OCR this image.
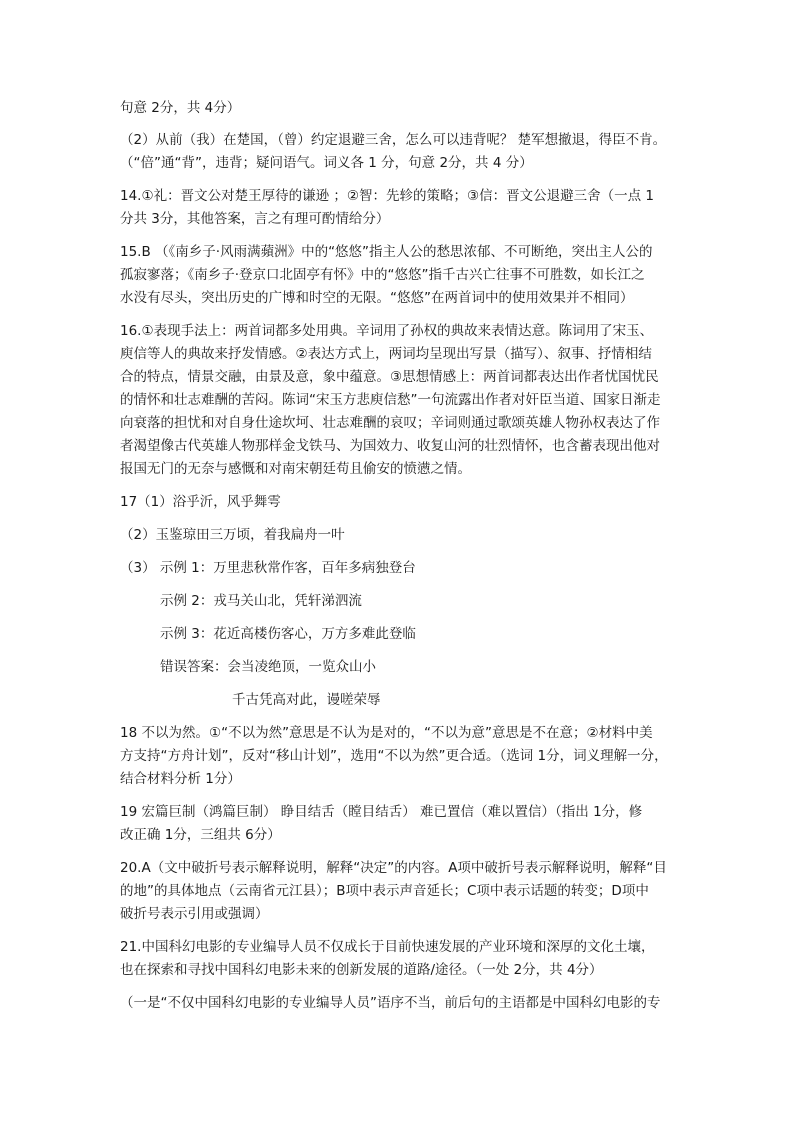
句意 2分，共 4分）
（2）从前（我）在楚国，（曾）约定退避三舍，怎么可以违背呢？ 楚军想撤退，得臣不肯。
（“倍”通“背”，违背；疑问语气。词义各 1 分，句意 2分，共 4 分）
14.①礼：晋文公对楚王厚待的谦逊 ；②智：先轸的策略；③信：晋文公退避三舍（一点 1
分共 3分，其他答案，言之有理可酌情给分）
15.B （《南乡子·风雨满蘋洲》中的“悠悠”指主人公的愁思浓郁、不可断绝，突出主人公的
孤寂寥落；《南乡子·登京口北固亭有怀》中的“悠悠”指千古兴亡往事不可胜数，如长江之
水没有尽头，突出历史的广博和时空的无限。“悠悠”在两首词中的使用效果并不相同）
16.①表现手法上：两首词都多处用典。辛词用了孙权的典故来表情达意。陈词用了宋玉、
庾信等人的典故来抒发情感。②表达方式上，两词均呈现出写景（描写）、叙事、抒情相结
合的特点，情景交融，由景及意，象中蕴意。③思想情感上：两首词都表达出作者忧国忧民
的情怀和壮志难酬的苦闷。陈词“宋玉方悲庾信愁”一句流露出作者对奸臣当道、国家日渐走
向衰落的担忧和对自身仕途坎坷、壮志难酬的哀叹；辛词则通过歌颂英雄人物孙权表达了作
者渴望像古代英雄人物那样金戈铁马、为国效力、收复山河的壮烈情怀，也含蓄表现出他对
报国无门的无奈与感慨和对南宋朝廷苟且偷安的愤懑之情。
17（1）浴乎沂，风乎舞雩
（2）玉鉴琼田三万顷，着我扁舟一叶
（3） 示例 1：万里悲秋常作客，百年多病独登台
示例 2：戎马关山北，凭轩涕泗流
示例 3：花近高楼伤客心，万方多难此登临
错误答案：会当凌绝顶，一览众山小
千古凭高对此，谩嗟荣辱
18 不以为然。①“不以为然”意思是不认为是对的，“不以为意”意思是不在意；②材料中美
方支持“方舟计划”，反对“移山计划”，选用“不以为然”更合适。（选词 1分，词义理解一分，
结合材料分析 1分）
19 宏篇巨制（鸿篇巨制） 睁目结舌（瞠目结舌） 难已置信（难以置信）（指出 1分，修
改正确 1分，三组共 6分）
20.A（文中破折号表示解释说明，解释“决定”的内容。A项中破折号表示解释说明，解释“目
的地”的具体地点（云南省元江县）；B项中表示声音延长；C项中表示话题的转变；D项中
破折号表示引用或强调）
21.中国科幻电影的专业编导人员不仅成长于目前快速发展的产业环境和深厚的文化土壤，
也在探索和寻找中国科幻电影未来的创新发展的道路/途径。（一处 2分，共 4分）
（一是“不仅中国科幻电影的专业编导人员”语序不当，前后句的主语都是中国科幻电影的专
